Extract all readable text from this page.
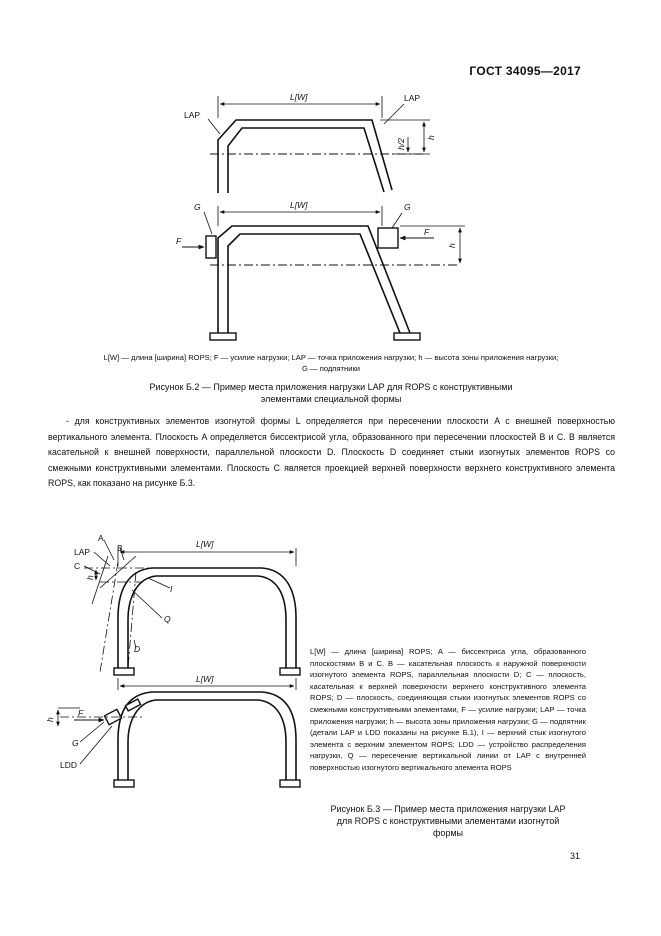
ГОСТ 34095—2017
L[W]
LAP
LAP
L[W]
G	G
F
F
h
h/2
h
L[W] — длина [ширина] ROPS; F — усилие нагрузки; LAP — точка приложения нагрузки; h — высота зоны приложения нагрузки;
G — подпятники
Рисунок Б.2 — Пример места приложения нагрузки LAP для ROPS с конструктивными
элементами специальной формы

- для конструктивных элементов изогнутой формы L определяется при пересечении плоскости A с внешней поверхностью вертикального элемента. Плоскость A определяется биссектрисой угла, образованного при пересечении плоскостей B и C. B является касательной к внешней поверхности, параллельной плоскости D. Плоскость D соединяет стыки изогнутых элементов ROPS со смежными конструктивными элементами. Плоскость C является проекцией верхней поверхности верхнего конструктивного элемента ROPS, как показано на рисунке Б.3.

LAP
A
B
C
L[W]
I
Q
D
L[W]
F
G
LDD
h
h
L[W] — длина [ширина] ROPS; A — биссектриса угла, образованного плоскостями B и C. B — касательная плоскость к наружной поверхности изогнутого элемента ROPS, параллельная плоскости D; C — плоскость, касательная к верхней поверхности верхнего конструктивного элемента ROPS; D — плоскость, соединяющая стыки изогнутых элементов ROPS со смежными конструктивными элементами, F — усилие нагрузки; LAP — точка приложения нагрузки; h — высота зоны приложения нагрузки; G — подпятник (детали LAP и LDD показаны на рисунке Б.1), I — верхний стык изогнутого элемента с верхним элементом ROPS; LDD — устройство распределения нагрузки, Q — пересечение вертикальной линии от LAP с внутренней поверхностью изогнутого вертикального элемента ROPS
Рисунок Б.3 — Пример места приложения нагрузки LAP
для ROPS с конструктивными элементами изогнутой
формы
31
